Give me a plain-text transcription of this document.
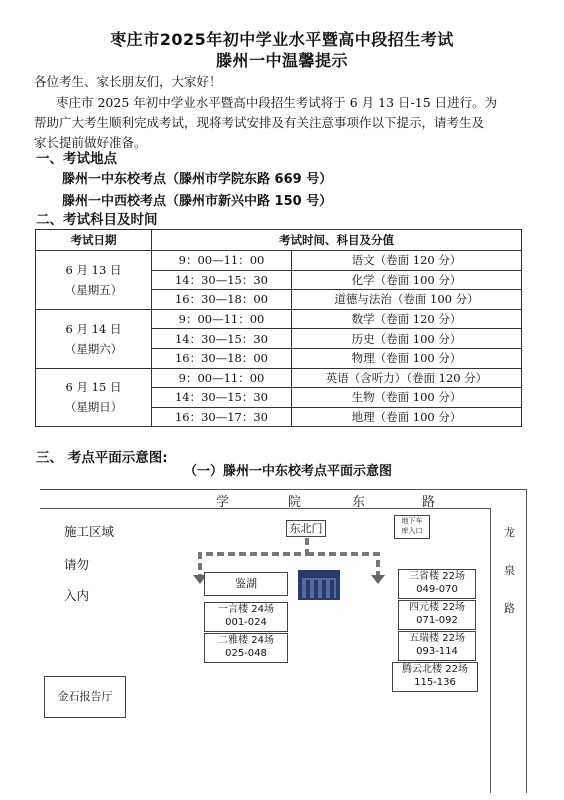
枣庄市2025年初中学业水平暨高中段招生考试
滕州一中温馨提示
各位考生、家长朋友们，大家好！
枣庄市 2025 年初中学业水平暨高中段招生考试将于 6 月 13 日-15 日进行。为
帮助广大考生顺利完成考试，现将考试安排及有关注意事项作以下提示，请考生及
家长提前做好准备。
一、考试地点
滕州一中东校考点（滕州市学院东路 669 号）
滕州一中西校考点（滕州市新兴中路 150 号）
二、考试科目及时间
考试日期	考试时间、科目及分值	

6 月 13 日
（星期五）	9：00—11：00	语文（卷面 120 分）
	14：30—15：30	化学（卷面 100 分）
	16：30—18：00	道德与法治（卷面 100 分）

6 月 14 日
（星期六）	9：00—11：00	数学（卷面 120 分）
	14：30—15：30	历史（卷面 100 分）
	16：30—18：00	物理（卷面 100 分）

6 月 15 日
（星期日）	9：00—11：00	英语（含听力）（卷面 120 分）
	14：30—15：30	生物（卷面 100 分）
	16：30—17：30	地理（卷面 100 分）
三、 考点平面示意图:
（一）滕州一中东校考点平面示意图
学	院	东	路
龙
泉
路
施工区域
请勿
入内
东北门
地下车
库入口
鉴湖
一言楼 24场
001-024
二雅楼 24场
025-048
三省楼 22场
049-070
四元楼 22场
071-092
五瑞楼 22场
093-114
腾云北楼 22场
115-136
金石报告厅
